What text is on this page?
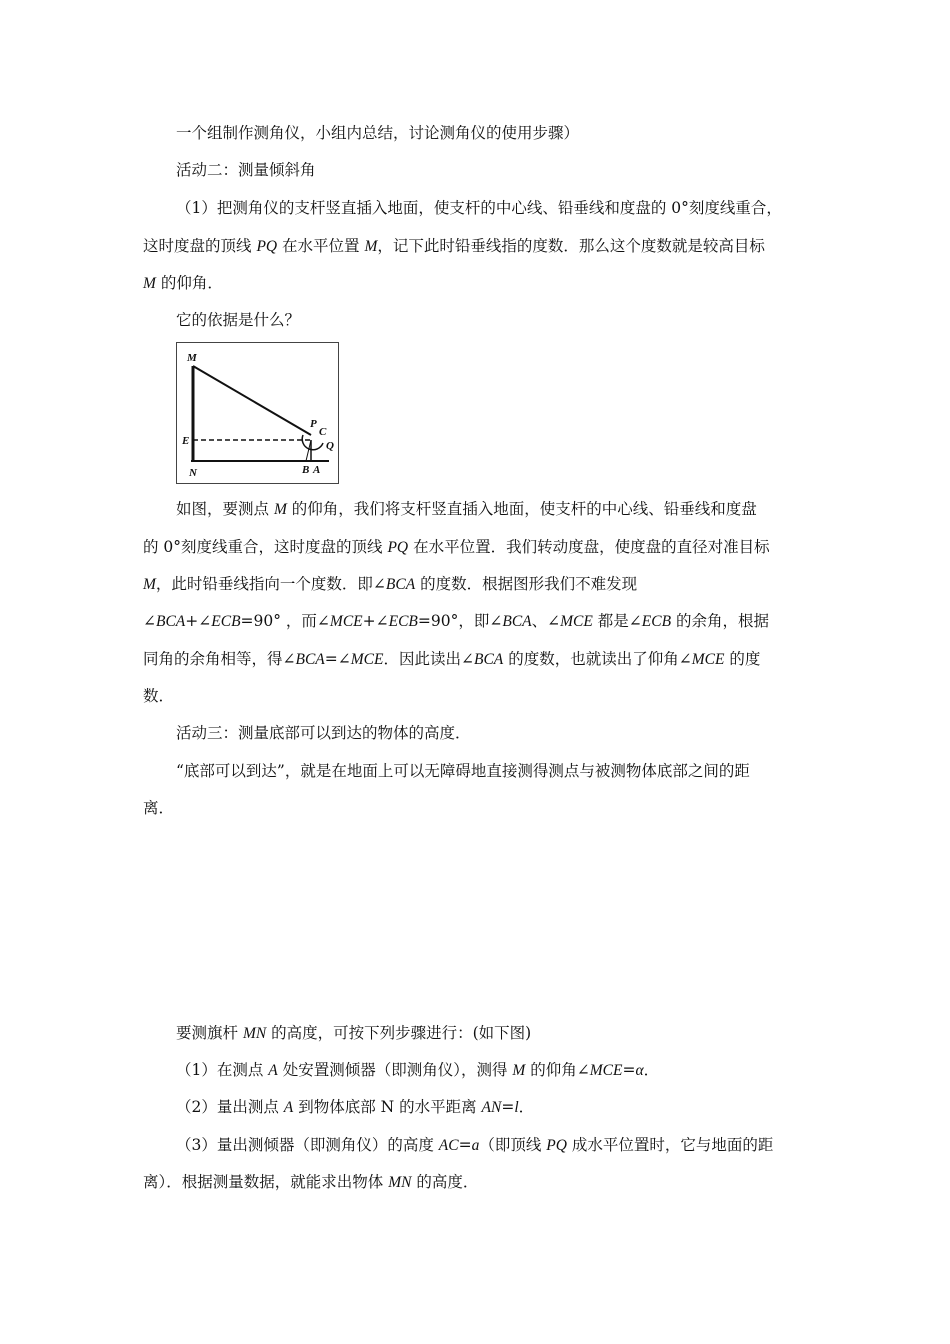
一个组制作测角仪，小组内总结，讨论测角仪的使用步骤）
活动二：测量倾斜角
（1）把测角仪的支杆竖直插入地面，使支杆的中心线、铅垂线和度盘的 0°刻度线重合，
这时度盘的顶线 PQ 在水平位置 M，记下此时铅垂线指的度数．那么这个度数就是较高目标
M 的仰角．
它的依据是什么？
M
E
N
P
C
Q
B A
如图，要测点 M 的仰角，我们将支杆竖直插入地面，使支杆的中心线、铅垂线和度盘
的 0°刻度线重合，这时度盘的顶线 PQ 在水平位置．我们转动度盘，使度盘的直径对准目标
M，此时铅垂线指向一个度数．即∠BCA 的度数．根据图形我们不难发现
∠BCA+∠ECB=90° ，而∠MCE+∠ECB=90°，即∠BCA、∠MCE 都是∠ECB 的余角，根据
同角的余角相等，得∠BCA=∠MCE．因此读出∠BCA 的度数，也就读出了仰角∠MCE 的度
数．
活动三：测量底部可以到达的物体的高度．
“底部可以到达”，就是在地面上可以无障碍地直接测得测点与被测物体底部之间的距
离．
要测旗杆 MN 的高度，可按下列步骤进行：(如下图)
（1）在测点 A 处安置测倾器（即测角仪），测得 M 的仰角∠MCE=α．
（2）量出测点 A 到物体底部 N 的水平距离 AN=l．
（3）量出测倾器（即测角仪）的高度 AC=a（即顶线 PQ 成水平位置时，它与地面的距
离）．根据测量数据，就能求出物体 MN 的高度．
